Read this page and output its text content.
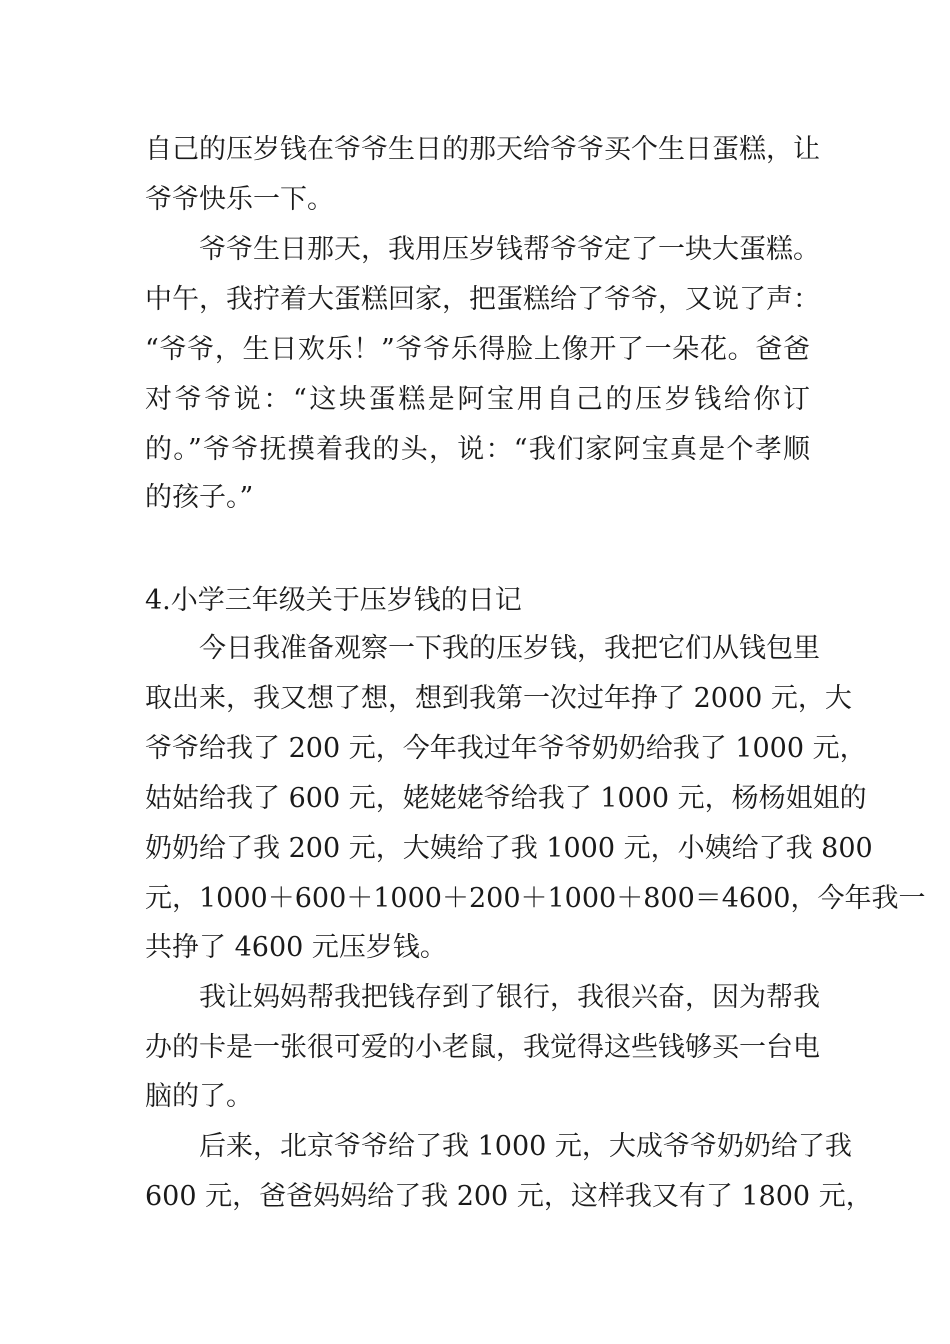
自己的压岁钱在爷爷生日的那天给爷爷买个生日蛋糕，让

爷爷快乐一下。

爷爷生日那天，我用压岁钱帮爷爷定了一块大蛋糕。

中午，我拧着大蛋糕回家，把蛋糕给了爷爷，又说了声：

“爷爷，生日欢乐！”爷爷乐得脸上像开了一朵花。爸爸

对爷爷说：“这块蛋糕是阿宝用自己的压岁钱给你订

的。”爷爷抚摸着我的头，说：“我们家阿宝真是个孝顺

的孩子。”

4.小学三年级关于压岁钱的日记

今日我准备观察一下我的压岁钱，我把它们从钱包里

取出来，我又想了想，想到我第一次过年挣了 2000 元，大

爷爷给我了 200 元，今年我过年爷爷奶奶给我了 1000 元，

姑姑给我了 600 元，姥姥姥爷给我了 1000 元，杨杨姐姐的

奶奶给了我 200 元，大姨给了我 1000 元，小姨给了我 800

元，1000＋600＋1000＋200＋1000＋800＝4600，今年我一

共挣了 4600 元压岁钱。

我让妈妈帮我把钱存到了银行，我很兴奋，因为帮我

办的卡是一张很可爱的小老鼠，我觉得这些钱够买一台电

脑的了。

后来，北京爷爷给了我 1000 元，大成爷爷奶奶给了我

600 元，爸爸妈妈给了我 200 元，这样我又有了 1800 元，
